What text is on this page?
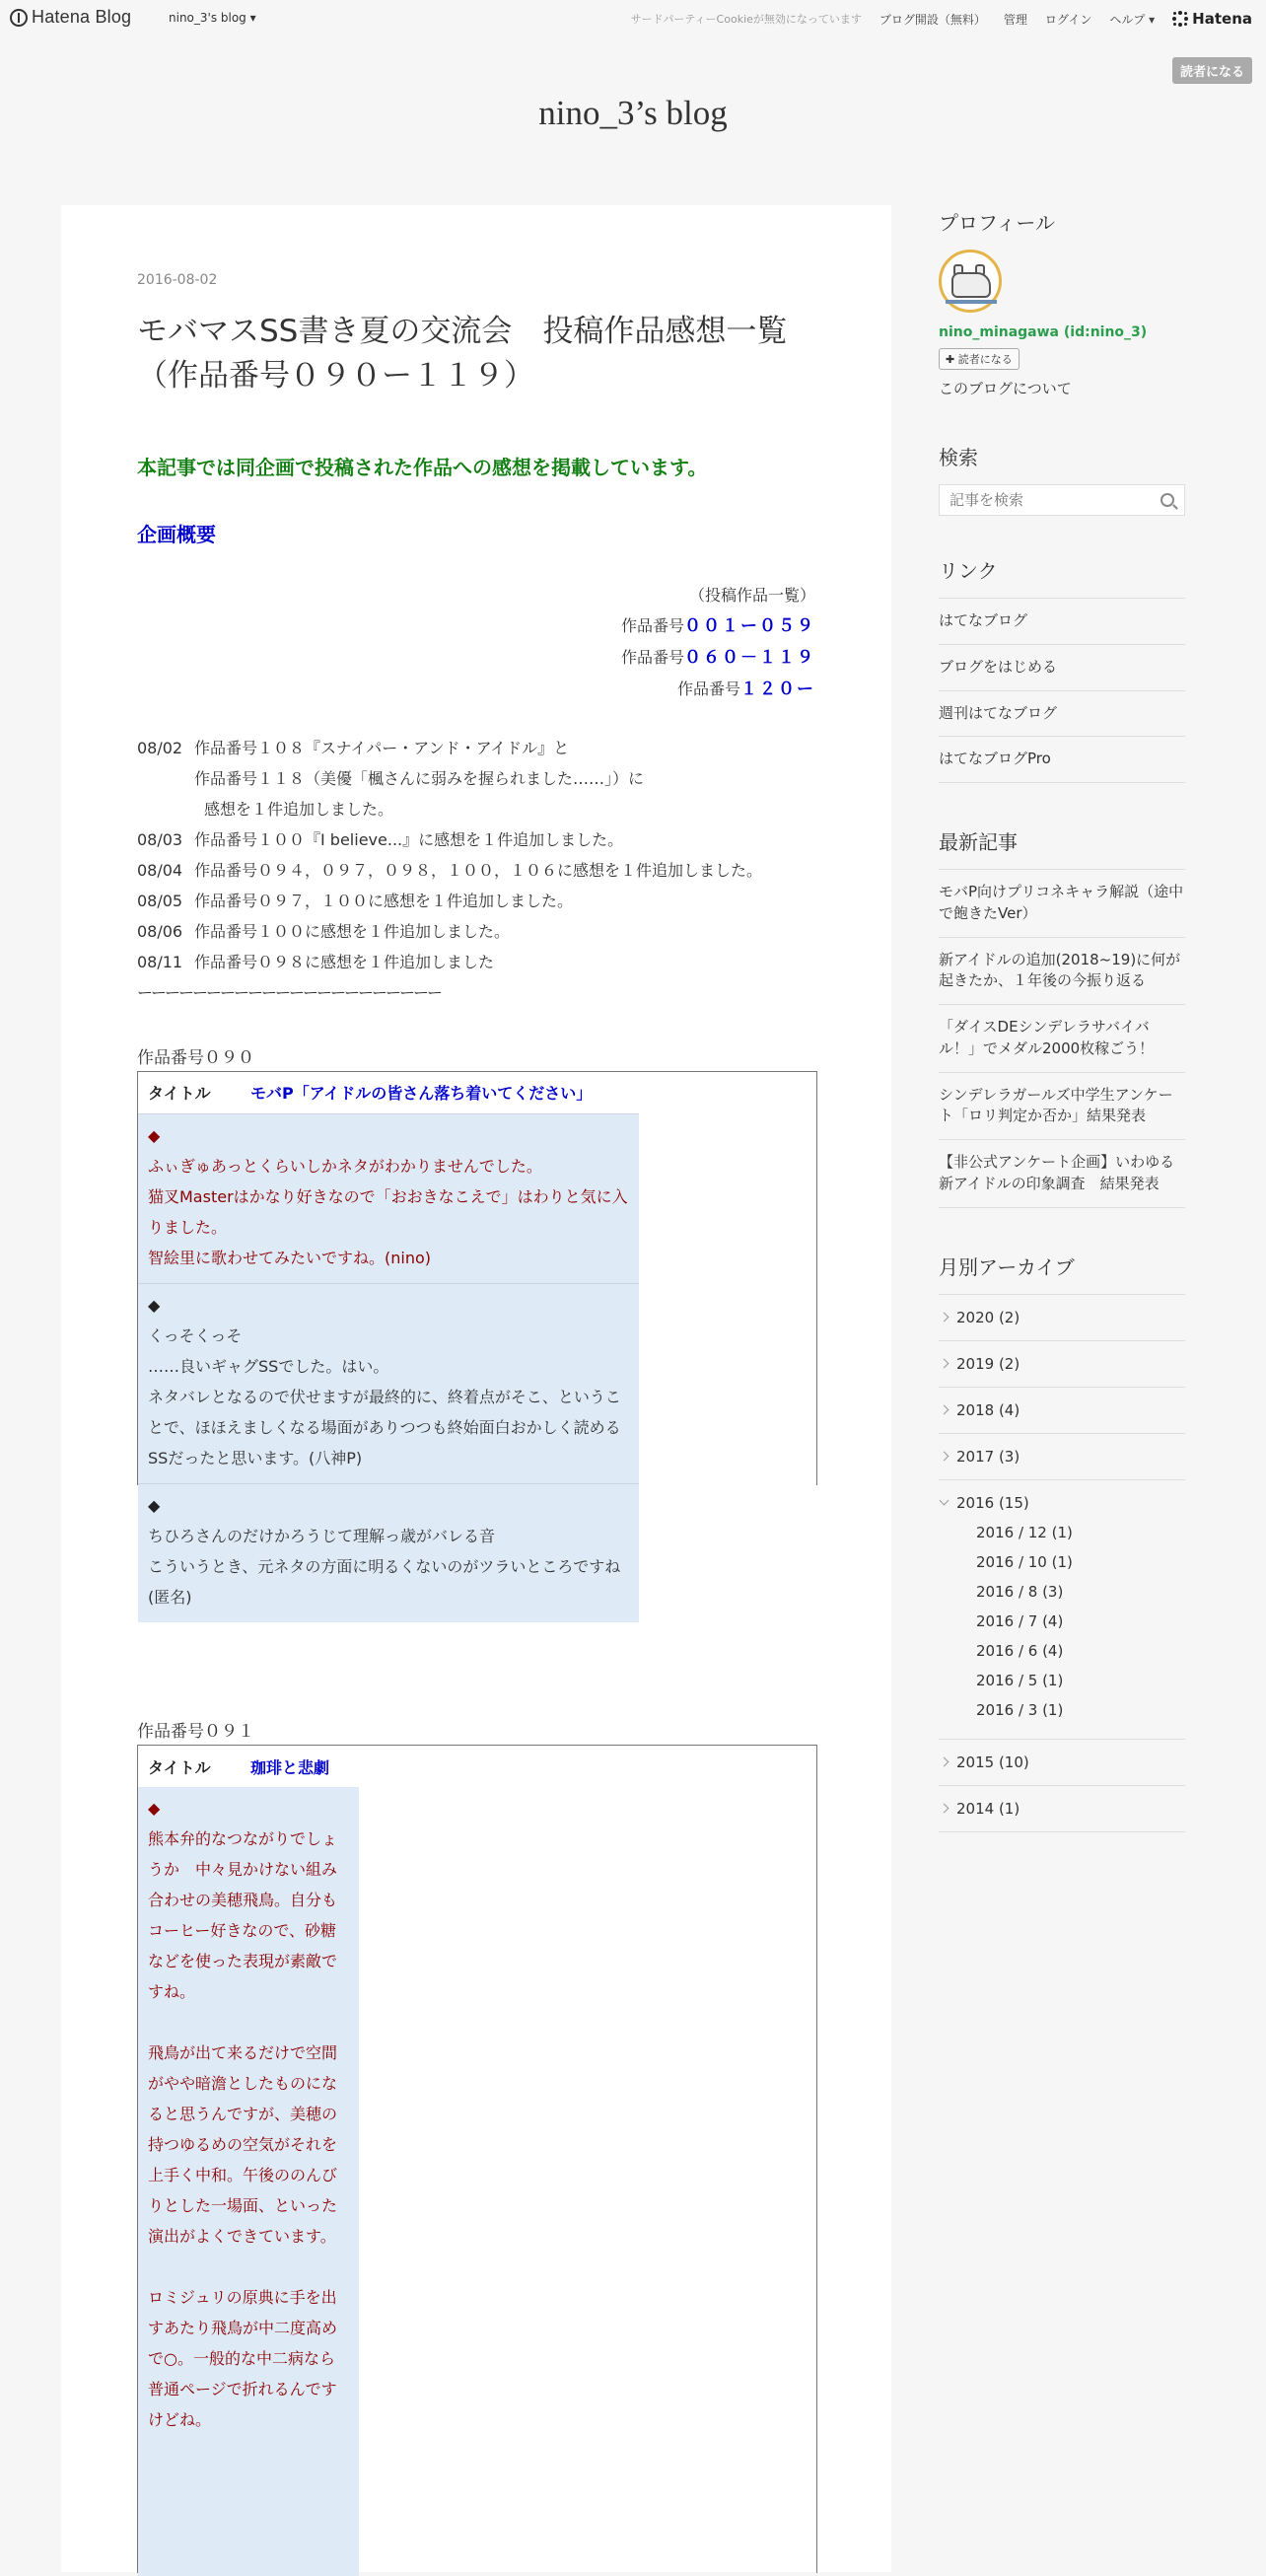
Hatena Blog	nino_3's blog ▾	サードパーティーCookieが無効になっています ブログ開設（無料） 管理 ログイン ヘルプ ▾	Hatena
読者になる
nino_3’s blog
2016-08-02
モバマスSS書き夏の交流会　投稿作品感想一覧（作品番号０９０ー１１９）
本記事では同企画で投稿された作品への感想を掲載しています。
企画概要
（投稿作品一覧）
作品番号００１ー０５９
作品番号０６０－１１９
作品番号１２０ー
08/02 作品番号１０８『スナイパー・アンド・アイドル』と
作品番号１１８（美優「楓さんに弱みを握られました……」）に
感想を１件追加しました。
08/03 作品番号１００『I believe...』に感想を１件追加しました。
08/04 作品番号０９４，０９７，０９８，１００，１０６に感想を１件追加しました。
08/05 作品番号０９７，１００に感想を１件追加しました。
08/06 作品番号１００に感想を１件追加しました。
08/11 作品番号０９８に感想を１件追加しました
ーーーーーーーーーーーーーーーーーーーーーー
作品番号０９０
タイトル	モバP「アイドルの皆さん落ち着いてください」

◆
ふぃぎゅあっとくらいしかネタがわかりませんでした。
猫叉Masterはかなり好きなので「おおきなこえで」はわりと気に入りました。
智絵里に歌わせてみたいですね。(nino)

◆
くっそくっそ
……良いギャグSSでした。はい。
ネタバレとなるので伏せますが最終的に、終着点がそこ、ということで、ほほえましくなる場面がありつつも終始面白おかしく読めるSSだったと思います。(八神P)

◆
ちひろさんのだけかろうじて理解っ歳がバレる音
こういうとき、元ネタの方面に明るくないのがツラいところですね(匿名)
作品番号０９１
タイトル	珈琲と悲劇

◆
熊本弁的なつながりでしょうか　中々見かけない組み合わせの美穂飛鳥。自分もコーヒー好きなので、砂糖などを使った表現が素敵ですね。
飛鳥が出て来るだけで空間がやや暗澹としたものになると思うんですが、美穂の持つゆるめの空気がそれを上手く中和。午後ののんびりとした一場面、といった演出がよくできています。
ロミジュリの原典に手を出すあたり飛鳥が中二度高めで○。一般的な中二病なら普通ページで折れるんですけどね。
プロフィール
nino_minagawa (id:nino_3)
✚ 読者になる
このブログについて
検索
記事を検索
リンク
はてなブログ
ブログをはじめる
週刊はてなブログ
はてなブログPro
最新記事
モバP向けプリコネキャラ解説（途中で飽きたVer）
新アイドルの追加(2018~19)に何が起きたか、１年後の今振り返る
「ダイスDEシンデレラサバイバル！」でメダル2000枚稼ごう！
シンデレラガールズ中学生アンケート「ロリ判定か否か」結果発表
【非公式アンケート企画】いわゆる新アイドルの印象調査　結果発表
月別アーカイブ
2020 (2)
2019 (2)
2018 (4)
2017 (3)
2016 (15)
2016 / 12 (1)
2016 / 10 (1)
2016 / 8 (3)
2016 / 7 (4)
2016 / 6 (4)
2016 / 5 (1)
2016 / 3 (1)
2015 (10)
2014 (1)
